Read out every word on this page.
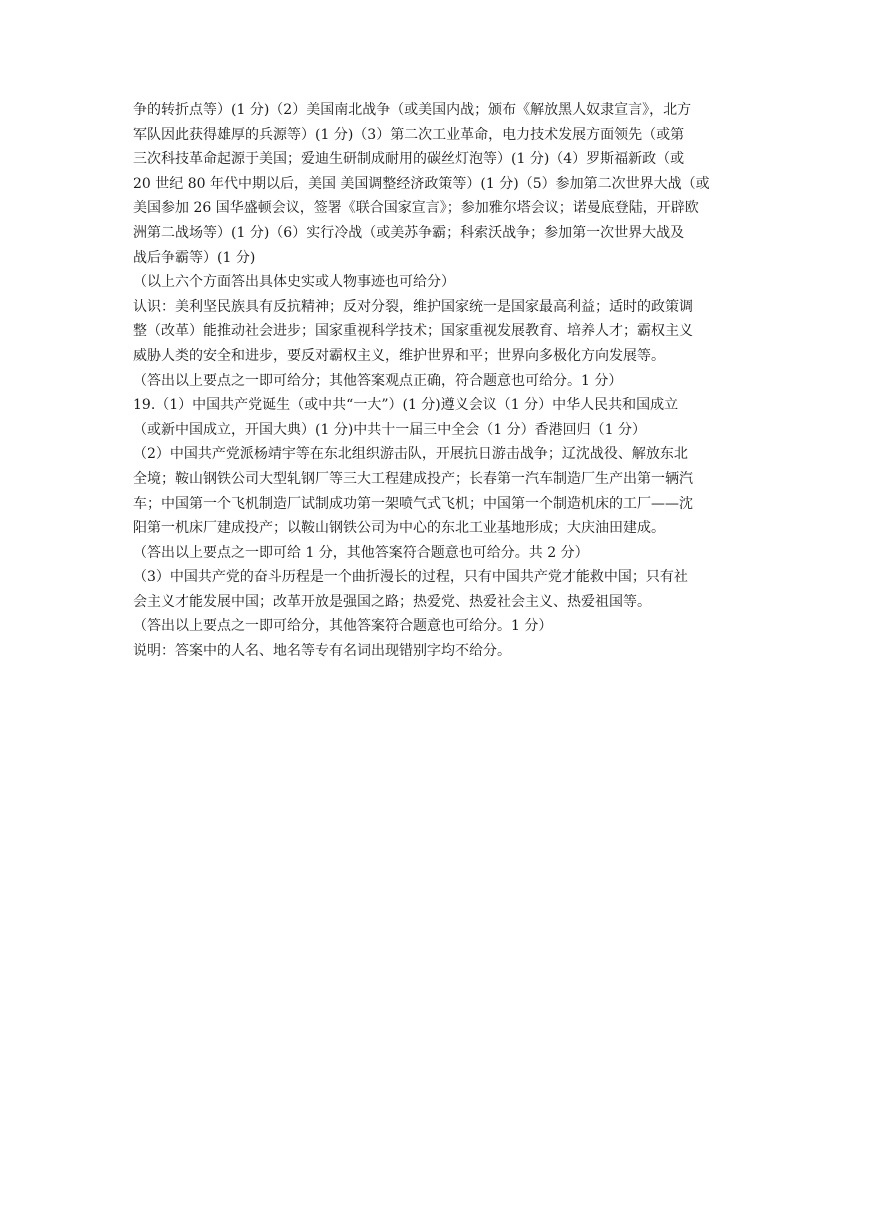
争的转折点等）(1 分)（2）美国南北战争（或美国内战；颁布《解放黑人奴隶宣言》，北方
军队因此获得雄厚的兵源等）(1 分)（3）第二次工业革命，电力技术发展方面领先（或第
三次科技革命起源于美国；爱迪生研制成耐用的碳丝灯泡等）(1 分)（4）罗斯福新政（或
20 世纪 80 年代中期以后，美国 美国调整经济政策等）(1 分)（5）参加第二次世界大战（或
美国参加 26 国华盛顿会议，签署《联合国家宣言》；参加雅尔塔会议；诺曼底登陆，开辟欧
洲第二战场等）(1 分)（6）实行冷战（或美苏争霸；科索沃战争；参加第一次世界大战及
战后争霸等）(1 分)
（以上六个方面答出具体史实或人物事迹也可给分）
认识：美利坚民族具有反抗精神；反对分裂，维护国家统一是国家最高利益；适时的政策调
整（改革）能推动社会进步；国家重视科学技术；国家重视发展教育、培养人才；霸权主义
威胁人类的安全和进步，要反对霸权主义，维护世界和平；世界向多极化方向发展等。
（答出以上要点之一即可给分；其他答案观点正确，符合题意也可给分。1 分）
19.（1）中国共产党诞生（或中共“一大”）(1 分)遵义会议（1 分）中华人民共和国成立
（或新中国成立，开国大典）(1 分)中共十一届三中全会（1 分）香港回归（1 分）
（2）中国共产党派杨靖宇等在东北组织游击队，开展抗日游击战争；辽沈战役、解放东北
全境；鞍山钢铁公司大型轧钢厂等三大工程建成投产；长春第一汽车制造厂生产出第一辆汽
车；中国第一个飞机制造厂试制成功第一架喷气式飞机；中国第一个制造机床的工厂——沈
阳第一机床厂建成投产；以鞍山钢铁公司为中心的东北工业基地形成；大庆油田建成。
（答出以上要点之一即可给 1 分，其他答案符合题意也可给分。共 2 分）
（3）中国共产党的奋斗历程是一个曲折漫长的过程，只有中国共产党才能救中国；只有社
会主义才能发展中国；改革开放是强国之路；热爱党、热爱社会主义、热爱祖国等。
（答出以上要点之一即可给分，其他答案符合题意也可给分。1 分）
说明：答案中的人名、地名等专有名词出现错别字均不给分。
